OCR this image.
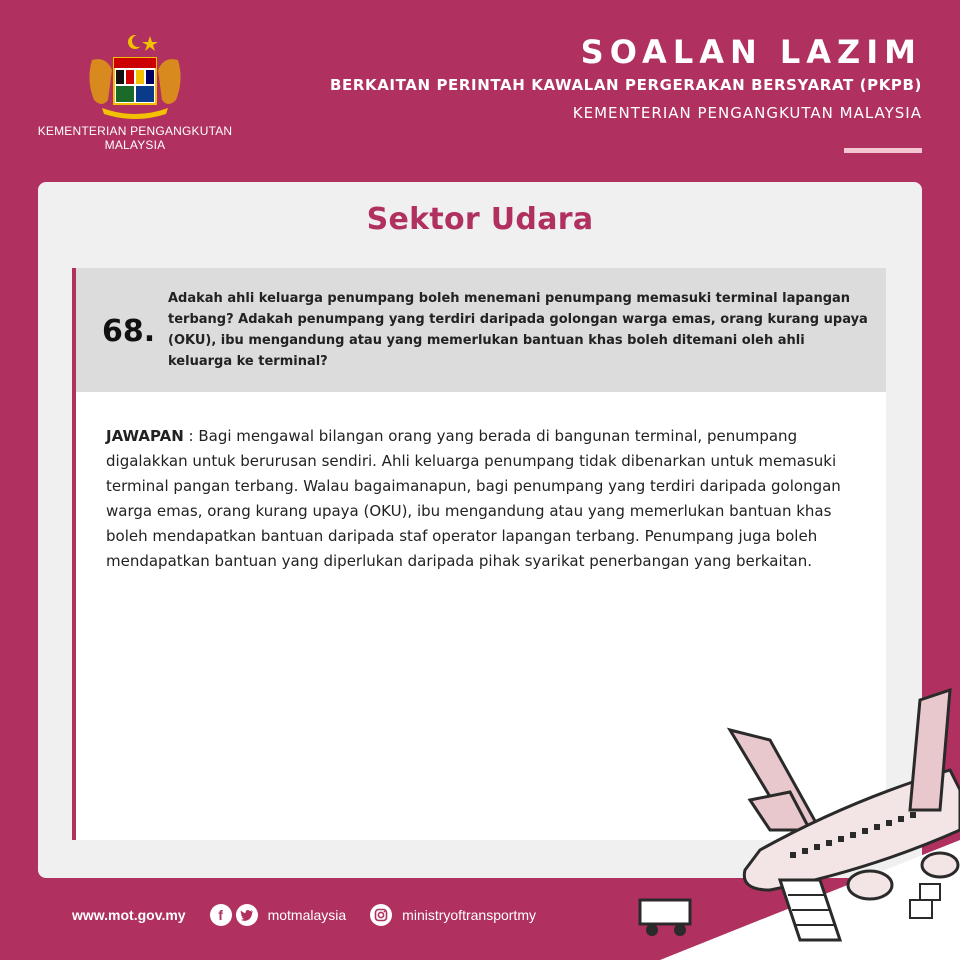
KEMENTERIAN PENGANGKUTAN
MALAYSIA
SOALAN LAZIM
BERKAITAN PERINTAH KAWALAN PERGERAKAN BERSYARAT (PKPB)
KEMENTERIAN PENGANGKUTAN MALAYSIA
Sektor Udara
68.
Adakah ahli keluarga penumpang boleh menemani penumpang memasuki terminal lapangan terbang? Adakah penumpang yang terdiri daripada golongan warga emas, orang kurang upaya (OKU), ibu mengandung atau yang memerlukan bantuan khas boleh ditemani oleh ahli keluarga ke terminal?
JAWAPAN : Bagi mengawal bilangan orang yang berada di bangunan terminal, penumpang digalakkan untuk berurusan sendiri. Ahli keluarga penumpang tidak dibenarkan untuk memasuki terminal pangan terbang. Walau bagaimanapun, bagi penumpang yang terdiri daripada golongan warga emas, orang kurang upaya (OKU), ibu mengandung atau yang memerlukan bantuan khas boleh mendapatkan bantuan daripada staf operator lapangan terbang. Penumpang juga boleh mendapatkan bantuan yang diperlukan daripada pihak syarikat penerbangan yang berkaitan.
www.mot.gov.my	f	motmalaysia	ministryoftransportmy
